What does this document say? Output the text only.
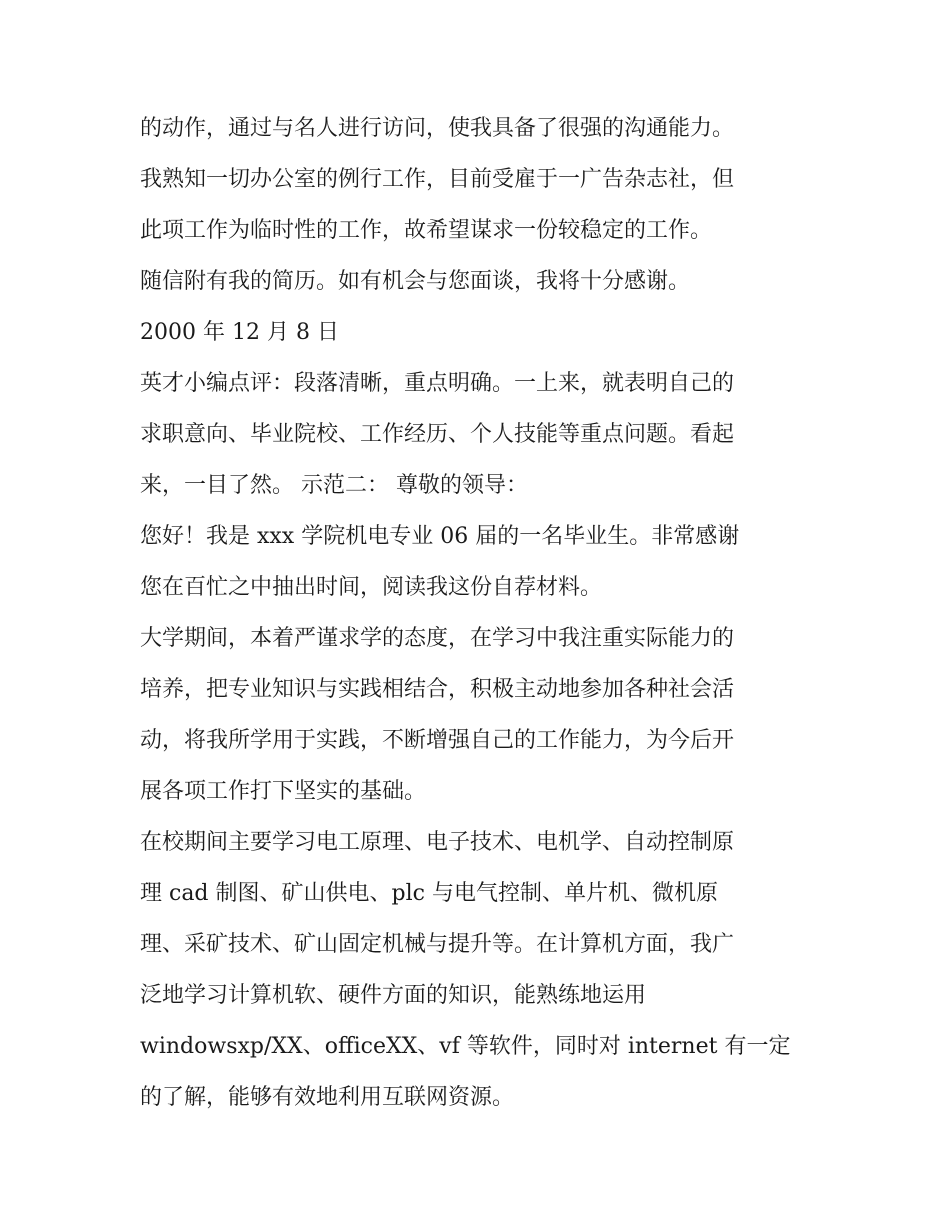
的动作，通过与名人进行访问，使我具备了很强的沟通能力。
我熟知一切办公室的例行工作，目前受雇于一广告杂志社，但
此项工作为临时性的工作，故希望谋求一份较稳定的工作。
随信附有我的简历。如有机会与您面谈，我将十分感谢。
2000 年 12 月 8 日
英才小编点评：段落清晰，重点明确。一上来，就表明自己的
求职意向、毕业院校、工作经历、个人技能等重点问题。看起
来，一目了然。 示范二： 尊敬的领导：
您好！我是 xxx 学院机电专业 06 届的一名毕业生。非常感谢
您在百忙之中抽出时间，阅读我这份自荐材料。
大学期间，本着严谨求学的态度，在学习中我注重实际能力的
培养，把专业知识与实践相结合，积极主动地参加各种社会活
动，将我所学用于实践，不断增强自己的工作能力，为今后开
展各项工作打下坚实的基础。
在校期间主要学习电工原理、电子技术、电机学、自动控制原
理 cad 制图、矿山供电、plc 与电气控制、单片机、微机原
理、采矿技术、矿山固定机械与提升等。在计算机方面，我广
泛地学习计算机软、硬件方面的知识，能熟练地运用
windowsxp/XX、officeXX、vf 等软件，同时对 internet 有一定
的了解，能够有效地利用互联网资源。
